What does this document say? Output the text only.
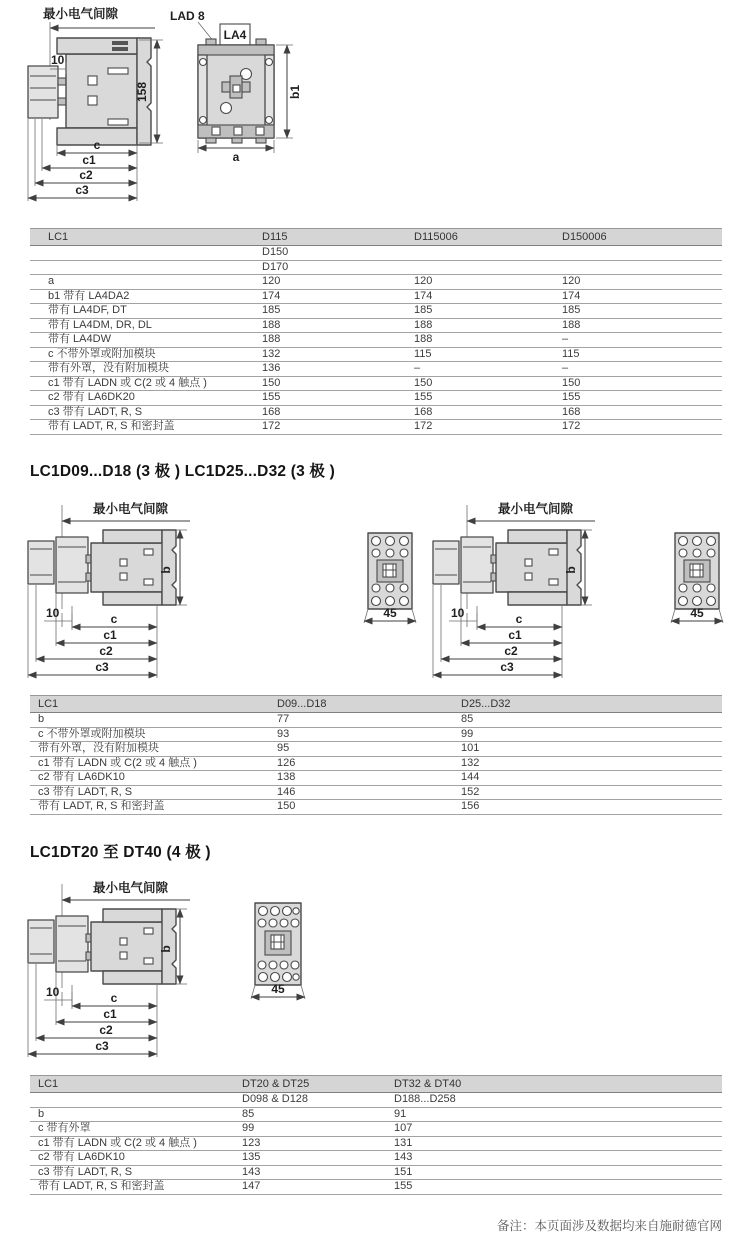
最小电气间隙
10
158
c
c1
c2
c3
LAD 8
LA4
b1
a
LC1	D115	D115006	D150006
	D150		
	D170		
a	120	120	120
b1 带有 LA4DA2	174	174	174
带有 LA4DF, DT	185	185	185
带有 LA4DM, DR, DL	188	188	188
带有 LA4DW	188	188	–
c 不带外罩或附加模块	132	115	115
带有外罩，没有附加模块	136	–	–
c1 带有 LADN 或 C(2 或 4 触点 )	150	150	150
c2 带有 LA6DK20	155	155	155
c3 带有 LADT, R, S	168	168	168
带有 LADT, R, S 和密封盖	172	172	172
LC1D09...D18 (3 极 ) LC1D25...D32 (3 极 )
最小电气间隙
b
10	c
c1
c2
c3
45
最小电气间隙
b
10	c
c1
c2
c3
45
LC1	D09...D18	D25...D32
b	77	85
c 不带外罩或附加模块	93	99
带有外罩，没有附加模块	95	101
c1 带有 LADN 或 C(2 或 4 触点 )	126	132
c2 带有 LA6DK10	138	144
c3 带有 LADT, R, S	146	152
带有 LADT, R, S 和密封盖	150	156
LC1DT20 至 DT40 (4 极 )
最小电气间隙
b
10	c
c1
c2
c3
45
LC1	DT20 & DT25	DT32 & DT40
	D098 & D128	D188...D258
b	85	91
c 带有外罩	99	107
c1 带有 LADN 或 C(2 或 4 触点 )	123	131
c2 带有 LA6DK10	135	143
c3 带有 LADT, R, S	143	151
带有 LADT, R, S 和密封盖	147	155
备注：本页面涉及数据均来自施耐德官网
